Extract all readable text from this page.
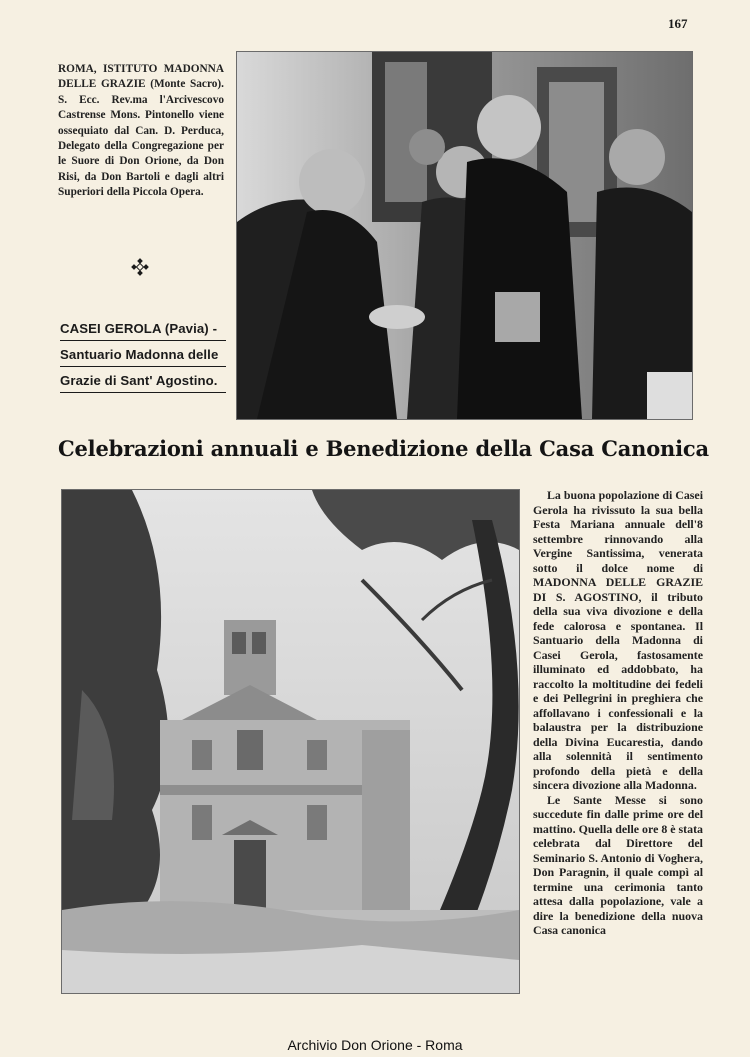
167
ROMA, ISTITUTO MADONNA DELLE GRAZIE (Monte Sacro). S. Ecc. Rev.ma l'Arcivescovo Castrense Mons. Pintonello viene ossequiato dal Can. D. Perduca, Delegato della Congregazione per le Suore di Don Orione, da Don Risi, da Don Bartoli e dagli altri Superiori della Piccola Opera.
CASEI GEROLA (Pavia) -
Santuario Madonna delle
Grazie di Sant' Agostino.
Celebrazioni annuali e Benedizione della Casa Canonica

La buona popolazione di Casei Gerola ha rivissuto la sua bella Festa Mariana annuale dell'8 settembre rinnovando alla Vergine Santissima, venerata sotto il dolce nome di MADONNA DELLE GRAZIE DI S. AGOSTINO, il tributo della sua viva divozione e della fede calorosa e spontanea. Il Santuario della Madonna di Casei Gerola, fastosamente illuminato ed addobbato, ha raccolto la moltitudine dei fedeli e dei Pellegrini in preghiera che affollavano i confessionali e la balaustra per la distribuzione della Divina Eucarestia, dando alla solennità il sentimento profondo della pietà e della sincera divozione alla Madonna.

Le Sante Messe si sono succedute fin dalle prime ore del mattino. Quella delle ore 8 è stata celebrata dal Direttore del Seminario S. Antonio di Voghera, Don Paragnin, il quale compì al termine una cerimonia tanto attesa dalla popolazione, vale a dire la benedizione della nuova Casa canonica

Archivio Don Orione - Roma
